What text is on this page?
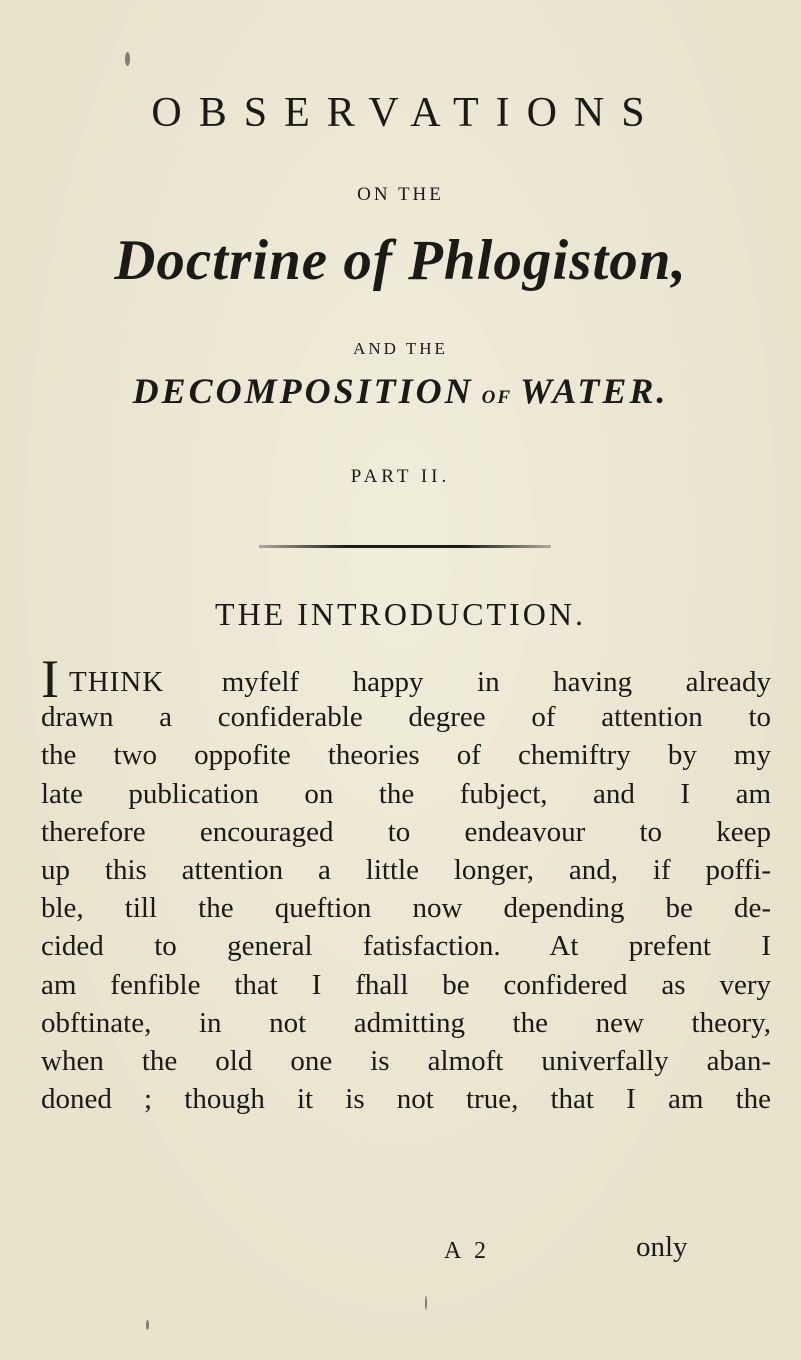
OBSERVATIONS
ON THE
Doctrine of Phlogiston,
AND THE
DECOMPOSITION OF WATER.
PART II.
THE INTRODUCTION.
ITHINK myfelf happy in having already
drawn a confiderable degree of attention to
the two oppofite theories of chemiftry by my
late publication on the fubject, and I am
therefore encouraged to endeavour to keep
up this attention a little longer, and, if poffi-
ble, till the queftion now depending be de-
cided to general fatisfaction. At prefent I
am fenfible that I fhall be confidered as very
obftinate, in not admitting the new theory,
when the old one is almoft univerfally aban-
doned ; though it is not true, that I am the
A 2	only
